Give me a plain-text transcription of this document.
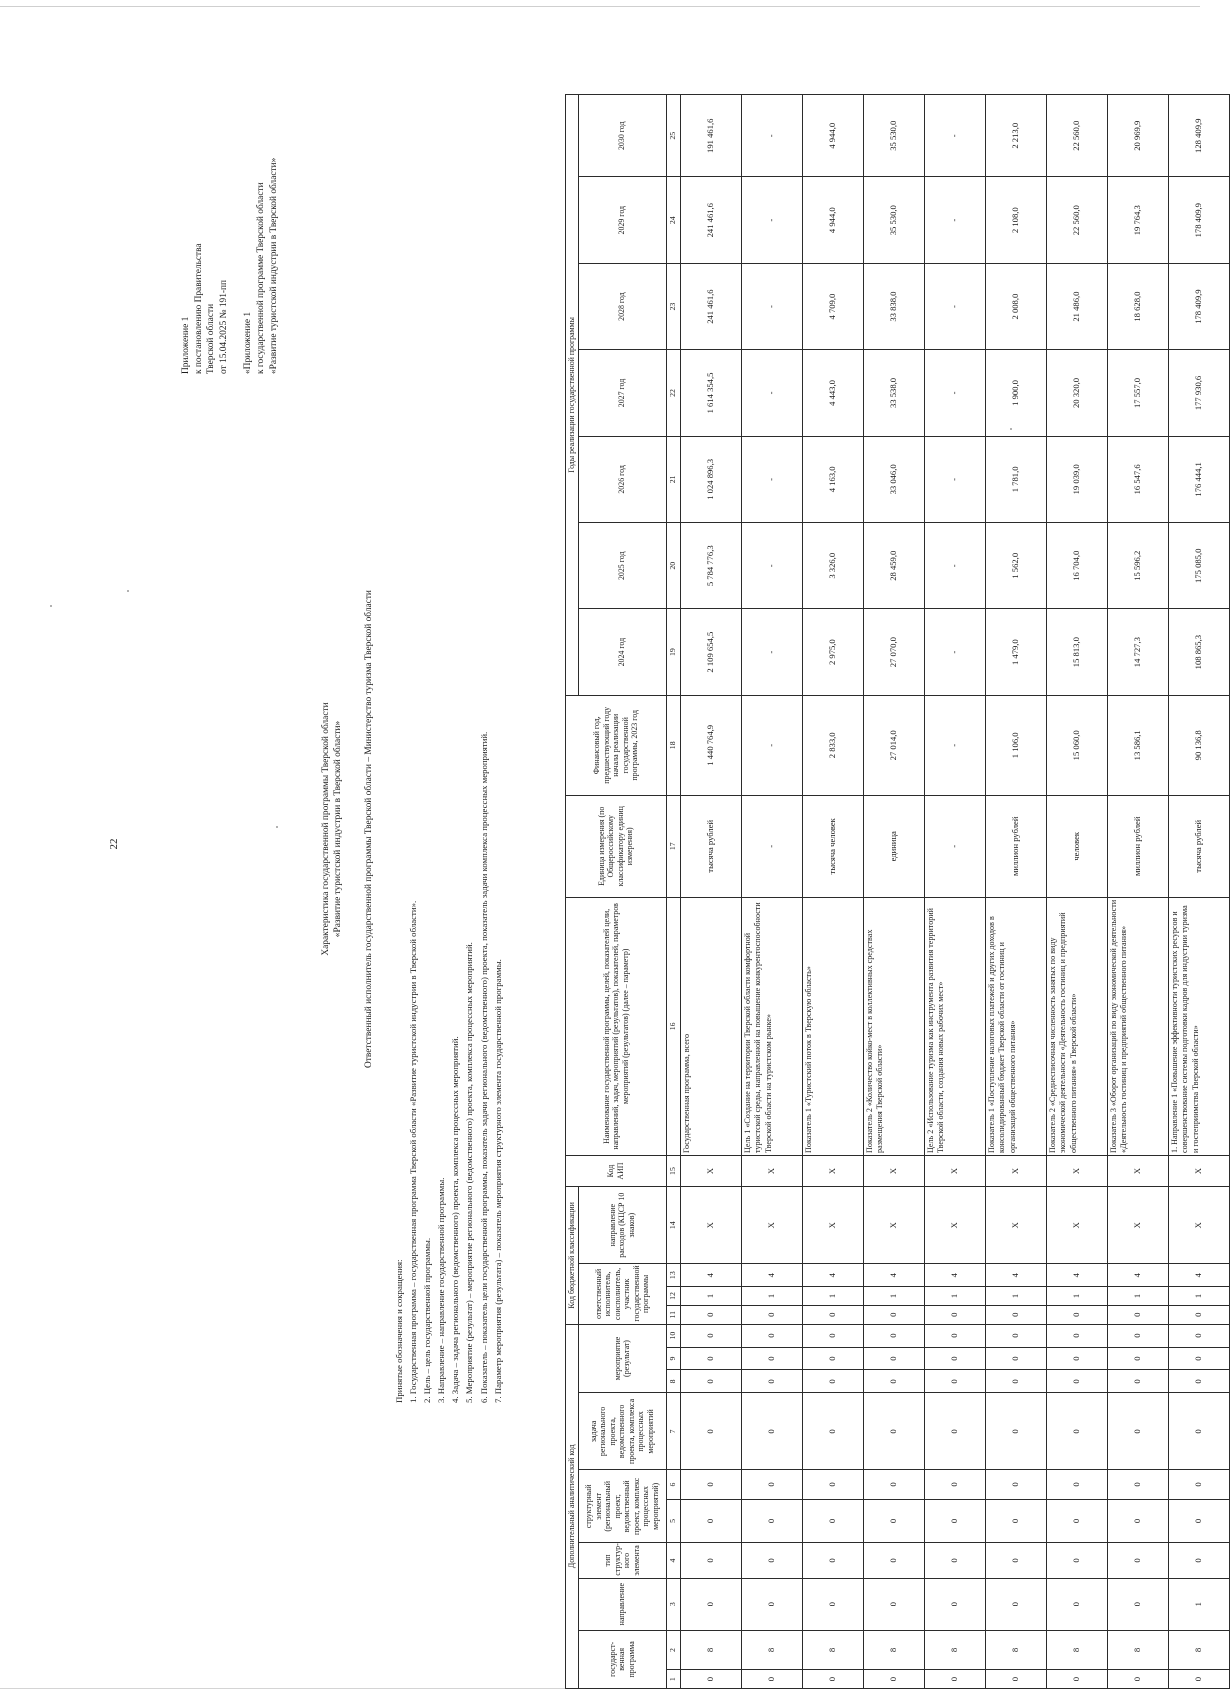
22
Приложение 1 к постановлению Правительства Тверской области от 15.04.2025 № 191-пп «Приложение 1 к государственной программе Тверской области «Развитие туристской индустрии в Тверской области»
Характеристика государственной программы Тверской области «Развитие туристской индустрии в Тверской области» Ответственный исполнитель государственной программы Тверской области – Министерство туризма Тверской области
Принятые обозначения и сокращения: 1. Государственная программа – государственная программа Тверской области «Развитие туристской индустрии в Тверской области». 2. Цель – цель государственной программы. 3. Направление – направление государственной программы. 4. Задача – задача регионального (ведомственного) проекта, комплекса процессных мероприятий. 5. Мероприятие (результат) – мероприятие регионального (ведомственного) проекта, комплекса процессных мероприятий. 6. Показатель – показатель цели государственной программы, показатель задачи регионального (ведомственного) проекта, показатель задачи комплекса процессных мероприятий. 7. Параметр мероприятия (результата) – показатель мероприятия структурного элемента государственной программы.
Дополнительный аналитический код										Код бюджетной классификации				Код АИП	Наименование государственной программы, целей, показателей цели, направлений, задач, мероприятий (результатов), показателей, параметров мероприятий (результатов) (далее – параметр)	Единица измерения (по Общероссийскому классификатору единиц измерения)	Финансовый год, предшествующий году начала реализации государственной программы, 2023 год	Годы реализации государственной программы						
государст- венная программа		направление	тип структур- ного элемента	структурный элемент (региональный проект, ведомственный проект, комплекс процессных мероприятий)		задача регионального проекта, ведомственного проекта, комплекса процессных мероприятий	мероприятие (результат)			ответственный исполнитель, соисполнитель, участник государственной программы			направление расходов (КЦСР 10 знаков)					2024 год	2025 год	2026 год	2027 год	2028 год	2029 год	2030 год

1	2	3	4	5	6	7	8	9	10	11	12	13	14	15	16	17	18	19	20	21	22	23	24	25
0	8	0	0	0	0	0	0	0	0	0	1	4	X	X	Государственная программа, всего	тысяча рублей	1 440 764,9	2 109 654,5	5 784 776,3	1 024 896,3	1 614 354,5	241 461,6	241 461,6	191 461,6
0	8	0	0	0	0	0	0	0	0	0	1	4	X	X	Цель 1 «Создание на территории Тверской области комфортной туристской среды, направленной на повышение конкурентоспособности Тверской области на туристском рынке»	-	-	-	-	-	-	-	-	-
0	8	0	0	0	0	0	0	0	0	0	1	4	X	X	Показатель 1 «Туристский поток в Тверскую область»	тысяча человек	2 833,0	2 975,0	3 326,0	4 163,0	4 443,0	4 709,0	4 944,0	4 944,0
0	8	0	0	0	0	0	0	0	0	0	1	4	X	X	Показатель 2 «Количество койко-мест в коллективных средствах размещения Тверской области»	единица	27 014,0	27 070,0	28 459,0	33 046,0	33 538,0	33 838,0	35 530,0	35 530,0
0	8	0	0	0	0	0	0	0	0	0	1	4	X	X	Цель 2 «Использование туризма как инструмента развития территорий Тверской области, создания новых рабочих мест»	-	-	-	-	-	-	-	-	-
0	8	0	0	0	0	0	0	0	0	0	1	4	X	X	Показатель 1 «Поступление налоговых платежей и других доходов в консолидированный бюджет Тверской области от гостиниц и организаций общественного питания»	миллион рублей	1 106,0	1 479,0	1 562,0	1 781,0	1 900,0	2 008,0	2 108,0	2 213,0
0	8	0	0	0	0	0	0	0	0	0	1	4	X	X	Показатель 2 «Среднесписочная численность занятых по виду экономической деятельности «Деятельность гостиниц и предприятий общественного питания» в Тверской области»	человек	15 060,0	15 813,0	16 704,0	19 039,0	20 320,0	21 486,0	22 560,0	22 560,0
0	8	0	0	0	0	0	0	0	0	0	1	4	X	X	Показатель 3 «Оборот организаций по виду экономической деятельности «Деятельность гостиниц и предприятий общественного питания»	миллион рублей	13 586,1	14 727,3	15 596,2	16 547,6	17 557,0	18 628,0	19 764,3	20 969,9
0	8	1	0	0	0	0	0	0	0	0	1	4	X	X	1. Направление 1 «Повышение эффективности туристских ресурсов и совершенствование системы подготовки кадров для индустрии туризма и гостеприимства Тверской области»	тысяча рублей	90 136,8	108 865,3	175 085,0	176 444,1	177 930,6	178 409,9	178 409,9	128 409,9
